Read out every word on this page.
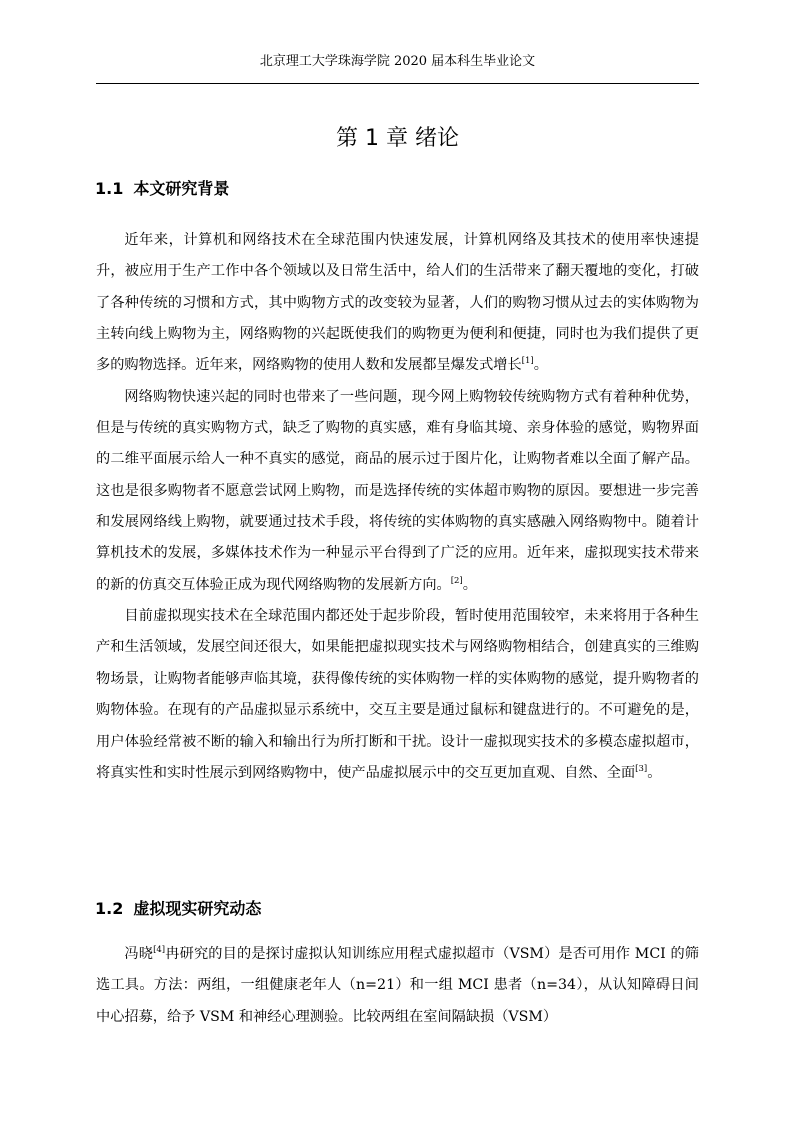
北京理工大学珠海学院 2020 届本科生毕业论文
第 1 章 绪论
1.1 本文研究背景

近年来，计算机和网络技术在全球范围内快速发展，计算机网络及其技术的使用率快速提升，被应用于生产工作中各个领域以及日常生活中，给人们的生活带来了翻天覆地的变化，打破了各种传统的习惯和方式，其中购物方式的改变较为显著，人们的购物习惯从过去的实体购物为主转向线上购物为主，网络购物的兴起既使我们的购物更为便利和便捷，同时也为我们提供了更多的购物选择。近年来，网络购物的使用人数和发展都呈爆发式增长[1]。

网络购物快速兴起的同时也带来了一些问题，现今网上购物较传统购物方式有着种种优势，但是与传统的真实购物方式，缺乏了购物的真实感，难有身临其境、亲身体验的感觉，购物界面的二维平面展示给人一种不真实的感觉，商品的展示过于图片化，让购物者难以全面了解产品。这也是很多购物者不愿意尝试网上购物，而是选择传统的实体超市购物的原因。要想进一步完善和发展网络线上购物，就要通过技术手段，将传统的实体购物的真实感融入网络购物中。随着计算机技术的发展，多媒体技术作为一种显示平台得到了广泛的应用。近年来，虚拟现实技术带来的新的仿真交互体验正成为现代网络购物的发展新方向。[2]。

目前虚拟现实技术在全球范围内都还处于起步阶段，暂时使用范围较窄，未来将用于各种生产和生活领域，发展空间还很大，如果能把虚拟现实技术与网络购物相结合，创建真实的三维购物场景，让购物者能够声临其境，获得像传统的实体购物一样的实体购物的感觉，提升购物者的购物体验。在现有的产品虚拟显示系统中，交互主要是通过鼠标和键盘进行的。不可避免的是，用户体验经常被不断的输入和输出行为所打断和干扰。设计一虚拟现实技术的多模态虚拟超市，将真实性和实时性展示到网络购物中，使产品虚拟展示中的交互更加直观、自然、全面[3]。

1.2 虚拟现实研究动态

冯晓[4]冉研究的目的是探讨虚拟认知训练应用程式虚拟超市（VSM）是否可用作 MCI 的筛选工具。方法：两组，一组健康老年人（n=21）和一组 MCI 患者（n=34），从认知障碍日间中心招募，给予 VSM 和神经心理测验。比较两组在室间隔缺损（VSM）
